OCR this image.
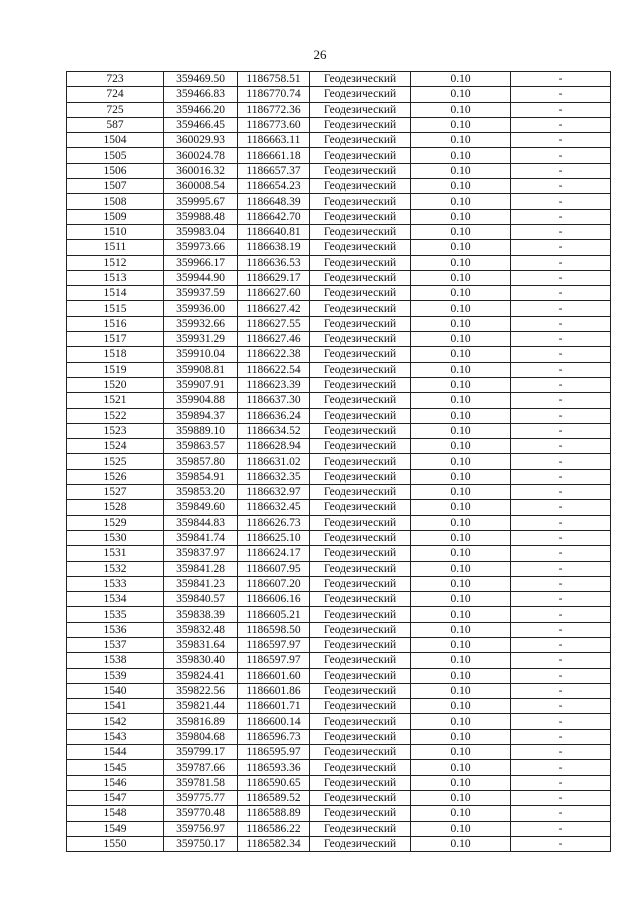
26
723	359469.50	1186758.51	Геодезический	0.10	-
724	359466.83	1186770.74	Геодезический	0.10	-
725	359466.20	1186772.36	Геодезический	0.10	-
587	359466.45	1186773.60	Геодезический	0.10	-
1504	360029.93	1186663.11	Геодезический	0.10	-
1505	360024.78	1186661.18	Геодезический	0.10	-
1506	360016.32	1186657.37	Геодезический	0.10	-
1507	360008.54	1186654.23	Геодезический	0.10	-
1508	359995.67	1186648.39	Геодезический	0.10	-
1509	359988.48	1186642.70	Геодезический	0.10	-
1510	359983.04	1186640.81	Геодезический	0.10	-
1511	359973.66	1186638.19	Геодезический	0.10	-
1512	359966.17	1186636.53	Геодезический	0.10	-
1513	359944.90	1186629.17	Геодезический	0.10	-
1514	359937.59	1186627.60	Геодезический	0.10	-
1515	359936.00	1186627.42	Геодезический	0.10	-
1516	359932.66	1186627.55	Геодезический	0.10	-
1517	359931.29	1186627.46	Геодезический	0.10	-
1518	359910.04	1186622.38	Геодезический	0.10	-
1519	359908.81	1186622.54	Геодезический	0.10	-
1520	359907.91	1186623.39	Геодезический	0.10	-
1521	359904.88	1186637.30	Геодезический	0.10	-
1522	359894.37	1186636.24	Геодезический	0.10	-
1523	359889.10	1186634.52	Геодезический	0.10	-
1524	359863.57	1186628.94	Геодезический	0.10	-
1525	359857.80	1186631.02	Геодезический	0.10	-
1526	359854.91	1186632.35	Геодезический	0.10	-
1527	359853.20	1186632.97	Геодезический	0.10	-
1528	359849.60	1186632.45	Геодезический	0.10	-
1529	359844.83	1186626.73	Геодезический	0.10	-
1530	359841.74	1186625.10	Геодезический	0.10	-
1531	359837.97	1186624.17	Геодезический	0.10	-
1532	359841.28	1186607.95	Геодезический	0.10	-
1533	359841.23	1186607.20	Геодезический	0.10	-
1534	359840.57	1186606.16	Геодезический	0.10	-
1535	359838.39	1186605.21	Геодезический	0.10	-
1536	359832.48	1186598.50	Геодезический	0.10	-
1537	359831.64	1186597.97	Геодезический	0.10	-
1538	359830.40	1186597.97	Геодезический	0.10	-
1539	359824.41	1186601.60	Геодезический	0.10	-
1540	359822.56	1186601.86	Геодезический	0.10	-
1541	359821.44	1186601.71	Геодезический	0.10	-
1542	359816.89	1186600.14	Геодезический	0.10	-
1543	359804.68	1186596.73	Геодезический	0.10	-
1544	359799.17	1186595.97	Геодезический	0.10	-
1545	359787.66	1186593.36	Геодезический	0.10	-
1546	359781.58	1186590.65	Геодезический	0.10	-
1547	359775.77	1186589.52	Геодезический	0.10	-
1548	359770.48	1186588.89	Геодезический	0.10	-
1549	359756.97	1186586.22	Геодезический	0.10	-
1550	359750.17	1186582.34	Геодезический	0.10	-
